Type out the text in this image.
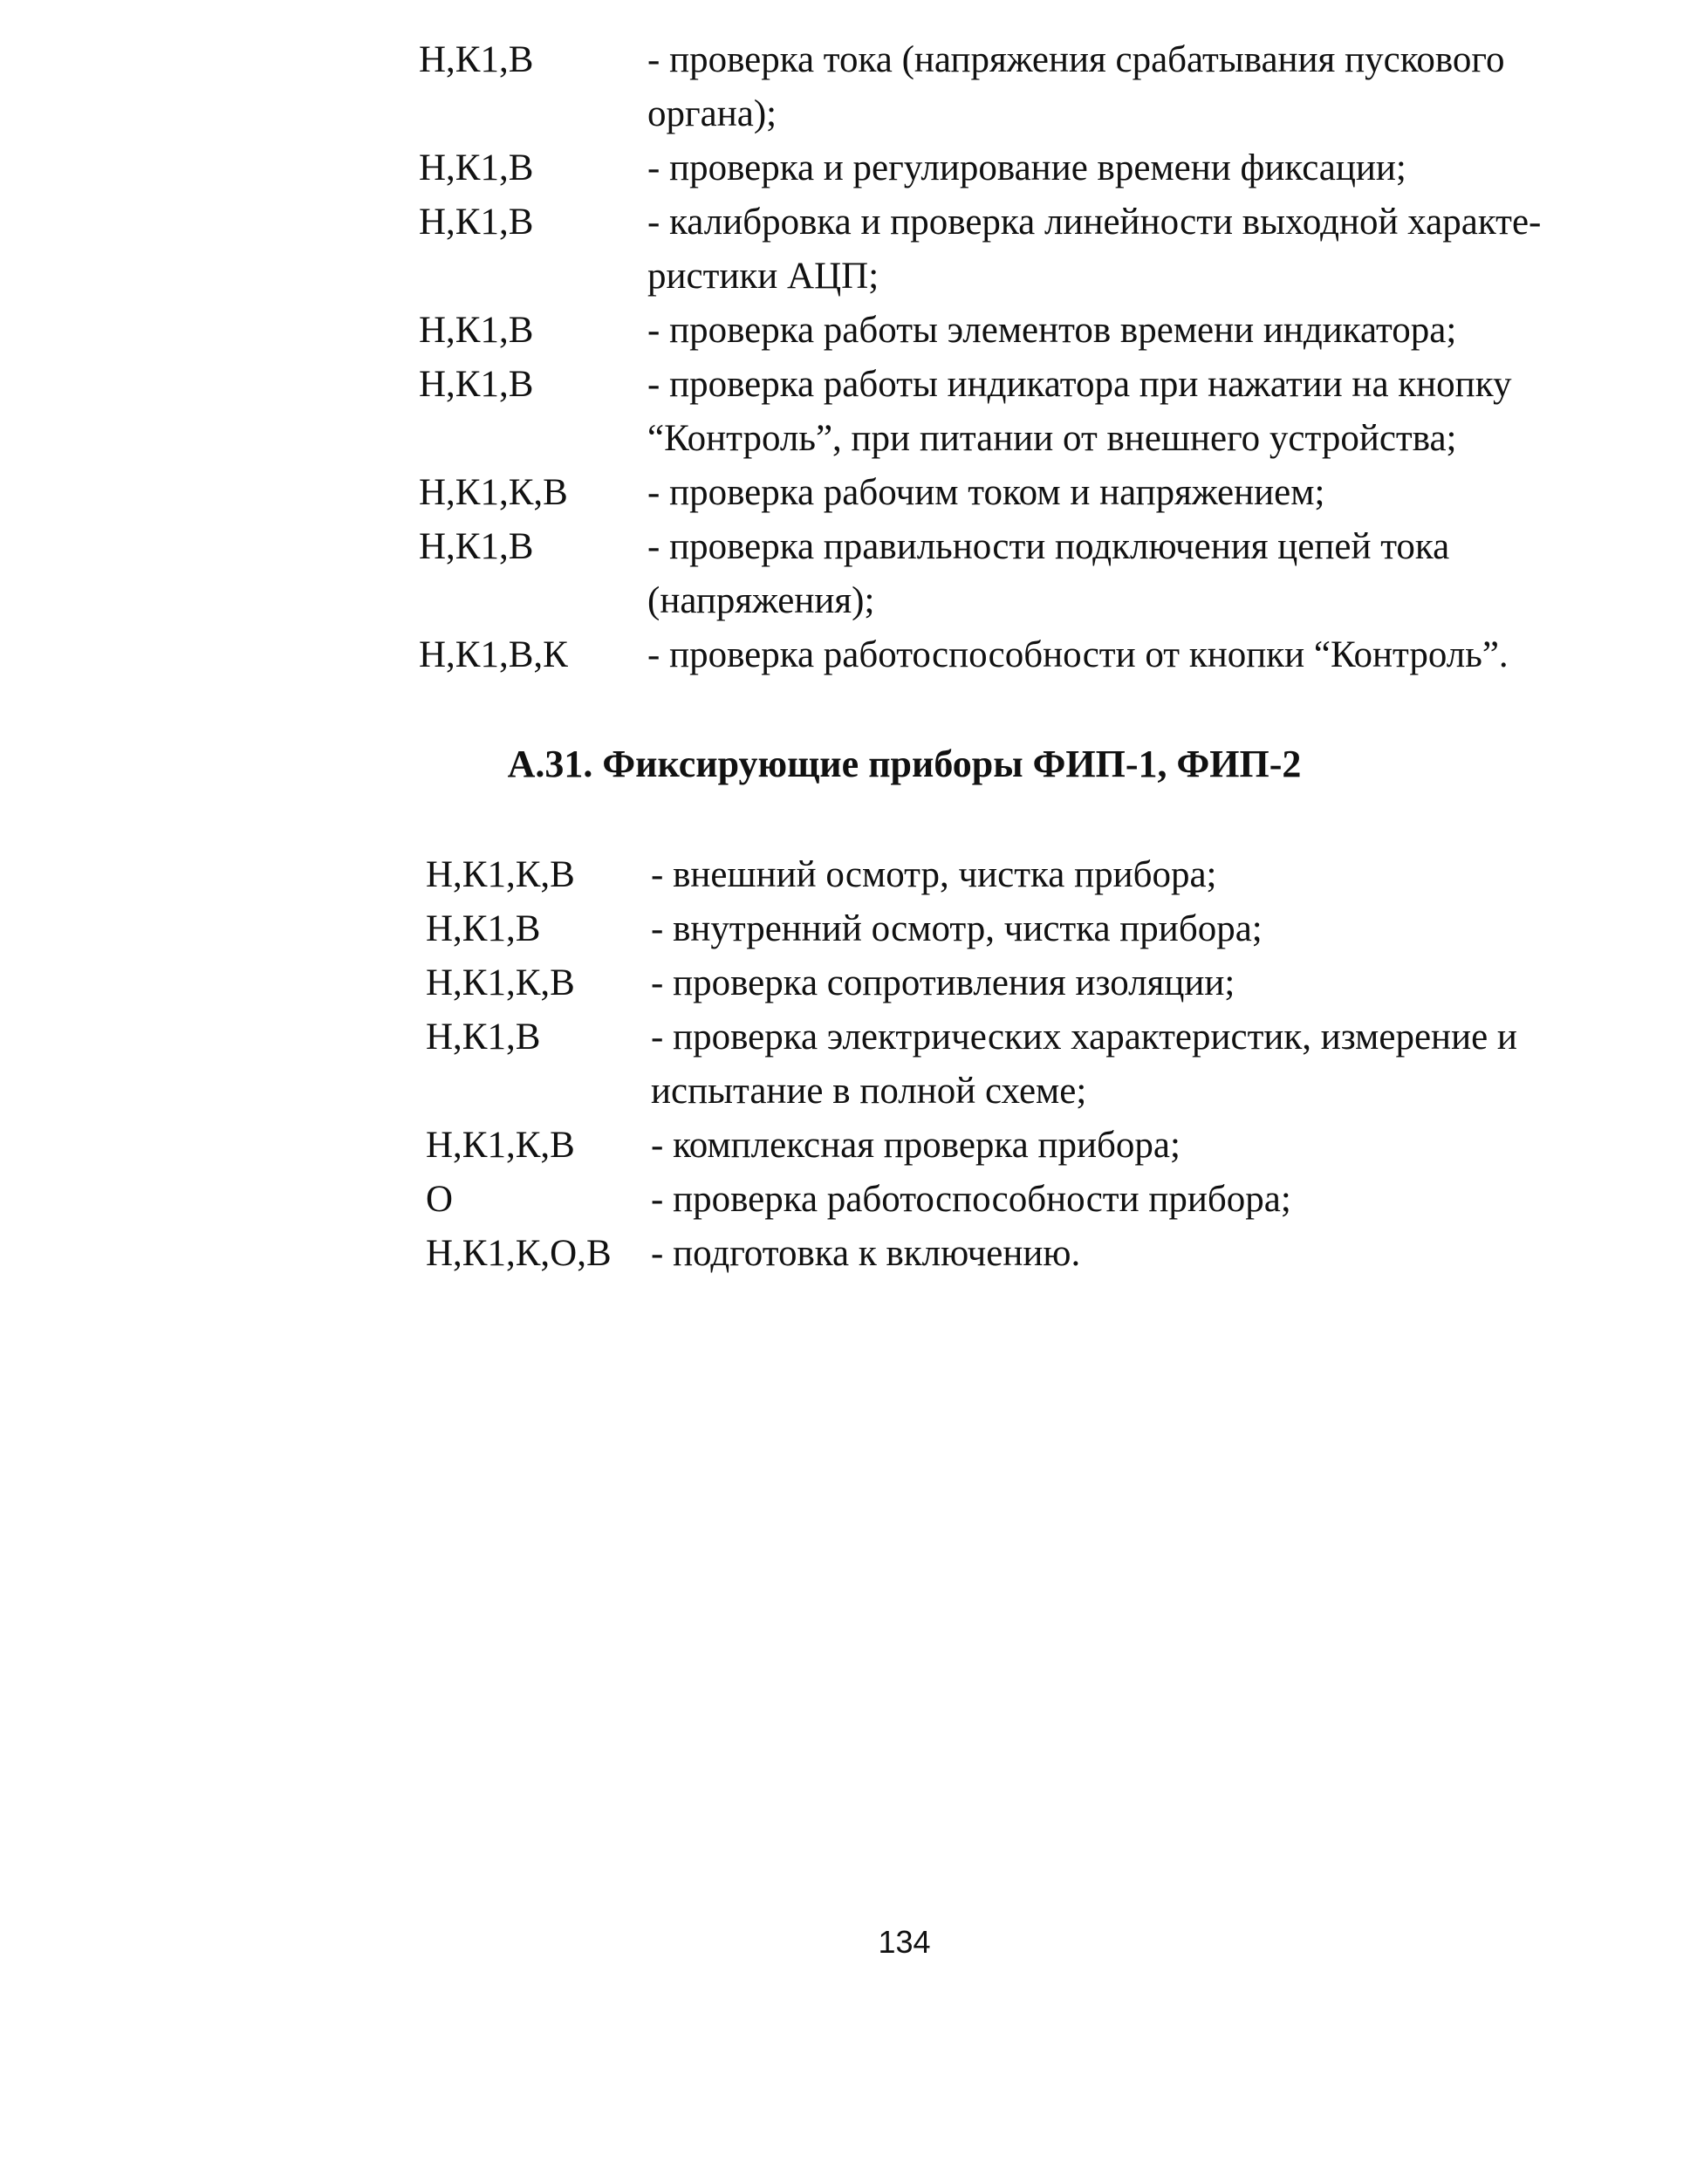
Н,К1,В	- проверка тока (напряжения срабатывания пускового
органа);
Н,К1,В	- проверка и регулирование времени фиксации;
Н,К1,В	- калибровка и проверка линейности выходной характе-
ристики АЦП;
Н,К1,В	- проверка работы элементов времени индикатора;
Н,К1,В	- проверка работы индикатора при нажатии на кнопку
“Контроль”, при питании от внешнего устройства;
Н,К1,К,В	- проверка рабочим током и напряжением;
Н,К1,В	- проверка правильности подключения цепей тока
(напряжения);
Н,К1,В,К	- проверка работоспособности от кнопки “Контроль”.
А.31. Фиксирующие приборы ФИП-1, ФИП-2
Н,К1,К,В	- внешний осмотр, чистка прибора;
Н,К1,В	- внутренний осмотр, чистка прибора;
Н,К1,К,В	- проверка сопротивления изоляции;
Н,К1,В	- проверка электрических характеристик, измерение и
испытание в полной схеме;
Н,К1,К,В	- комплексная проверка прибора;
О	- проверка работоспособности прибора;
Н,К1,К,О,В	- подготовка к включению.
134
